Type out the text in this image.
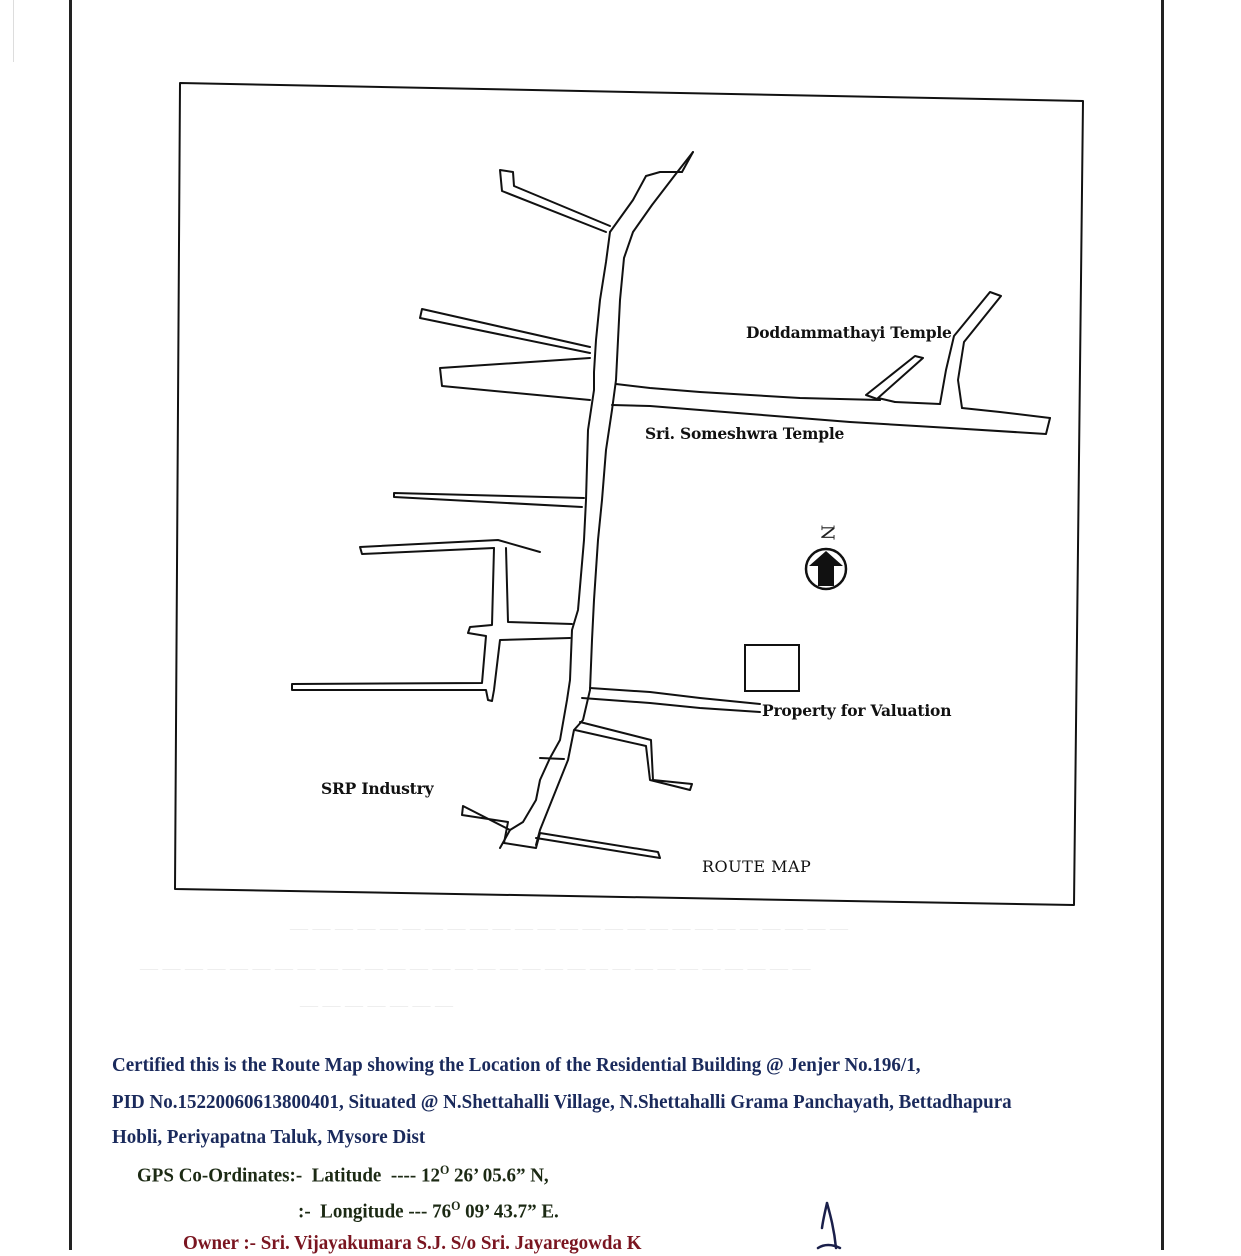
— — — — — — — — — — — — — — — — — — — — — — — — —
— — — — — — — — — — — — — — — — — — — — — — — — — — — — — —
— — — — — — —
N
Doddammathayi Temple
Sri. Someshwra Temple
Property for Valuation
SRP Industry
ROUTE MAP
Certified this is the Route Map showing the Location of the Residential Building @ Jenjer No.196/1,
PID No.15220060613800401, Situated @ N.Shettahalli Village, N.Shettahalli Grama Panchayath, Bettadhapura
Hobli, Periyapatna Taluk, Mysore Dist
GPS Co-Ordinates:- Latitude ---- $12^O$ 26’ 05.6” N,
:- Longitude --- $76^O$ 09’ 43.7” E.
Owner :- Sri. Vijayakumara S.J. S/o Sri. Jayaregowda K
